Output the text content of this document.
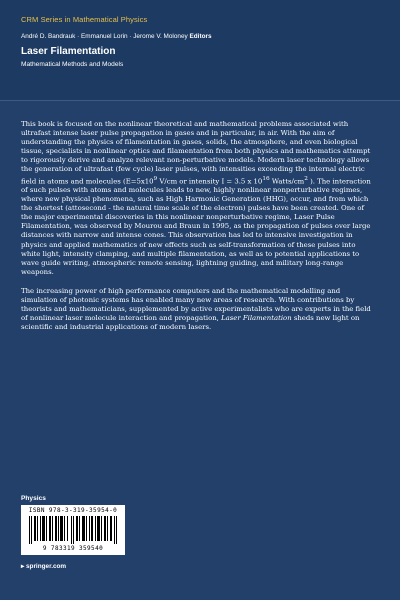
CRM Series in Mathematical Physics
André D. Bandrauk · Emmanuel Lorin · Jerome V. Moloney Editors
Laser Filamentation
Mathematical Methods and Models

This book is focused on the nonlinear theoretical and mathematical problems associated with ultrafast intense laser pulse propagation in gases and in particular, in air. With the aim of understanding the physics of filamentation in gases, solids, the atmosphere, and even biological tissue, specialists in nonlinear optics and filamentation from both physics and mathematics attempt to rigorously derive and analyze relevant non-perturbative models. Modern laser technology allows the generation of ultrafast (few cycle) laser pulses, with intensities exceeding the internal electric field in atoms and molecules ($E=5x10^9$ V/cm or intensity I = 3.5 x $10^{16}$ Watts/$cm^2$ ). The interaction of such pulses with atoms and molecules leads to new, highly nonlinear nonperturbative regimes, where new physical phenomena, such as High Harmonic Generation (HHG), occur, and from which the shortest (attosecond - the natural time scale of the electron) pulses have been created. One of the major experimental discoveries in this nonlinear nonperturbative regime, Laser Pulse Filamentation, was observed by Mourou and Braun in 1995, as the propagation of pulses over large distances with narrow and intense cones. This observation has led to intensive investigation in physics and applied mathematics of new effects such as self-transformation of these pulses into white light, intensity clamping, and multiple filamentation, as well as to potential applications to wave guide writing, atmospheric remote sensing, lightning guiding, and military long-range weapons.

The increasing power of high performance computers and the mathematical modelling and simulation of photonic systems has enabled many new areas of research. With contributions by theorists and mathematicians, supplemented by active experimentalists who are experts in the field of nonlinear laser molecule interaction and propagation, Laser Filamentation sheds new light on scientific and industrial applications of modern lasers.

Physics
ISBN 978-3-319-35954-0
9 783319 359540
▸ springer.com
